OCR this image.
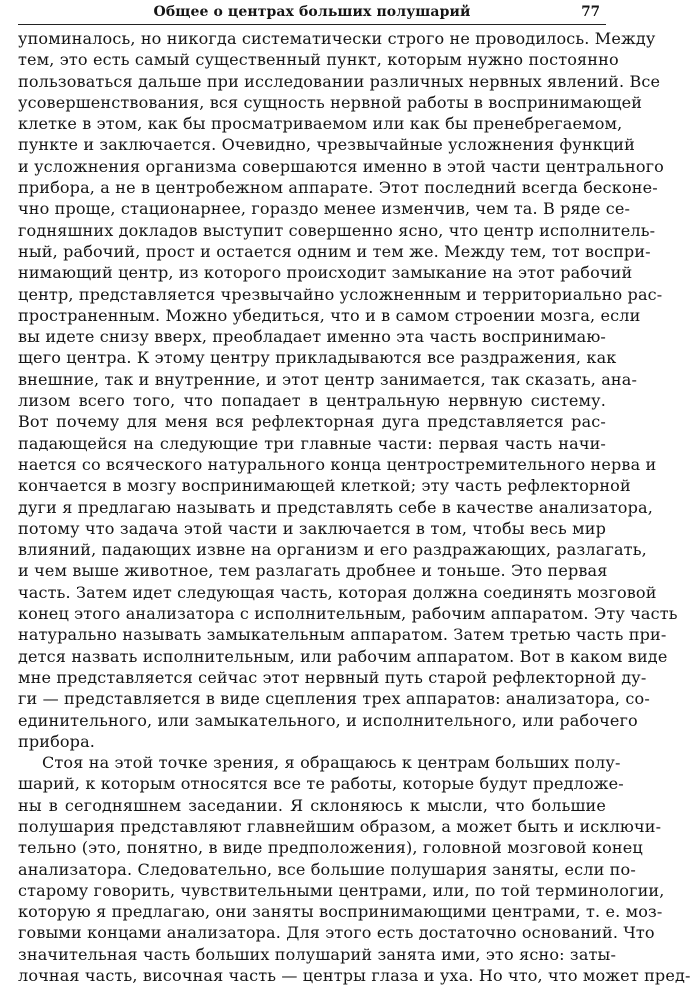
Общее о центрах больших полушарий	77

упоминалось, но никогда систематически строго не проводилось. Между
тем, это есть самый существенный пункт, которым нужно постоянно
пользоваться дальше при исследовании различных нервных явлений. Все
усовершенствования, вся сущность нервной работы в воспринимающей
клетке в этом, как бы просматриваемом или как бы пренебрегаемом,
пункте и заключается. Очевидно, чрезвычайные усложнения функций
и усложнения организма совершаются именно в этой части центрального
прибора, а не в центробежном аппарате. Этот последний всегда бесконе-
чно проще, стационарнее, гораздо менее изменчив, чем та. В ряде се-
годняшних докладов выступит совершенно ясно, что центр исполнитель-
ный, рабочий, прост и остается одним и тем же. Между тем, тот воспри-
нимающий центр, из которого происходит замыкание на этот рабочий
центр, представляется чрезвычайно усложненным и территориально рас-
пространенным. Можно убедиться, что и в самом строении мозга, если
вы идете снизу вверх, преобладает именно эта часть воспринимаю-
щего центра. К этому центру прикладываются все раздражения, как
внешние, так и внутренние, и этот центр занимается, так сказать, ана-
лизом всего того, что попадает в центральную нервную систему.
Вот почему для меня вся рефлекторная дуга представляется рас-
падающейся на следующие три главные части: первая часть начи-
нается со всяческого натурального конца центростремительного нерва и
кончается в мозгу воспринимающей клеткой; эту часть рефлекторной
дуги я предлагаю называть и представлять себе в качестве анализатора,
потому что задача этой части и заключается в том, чтобы весь мир
влияний, падающих извне на организм и его раздражающих, разлагать,
и чем выше животное, тем разлагать дробнее и тоньше. Это первая
часть. Затем идет следующая часть, которая должна соединять мозговой
конец этого анализатора с исполнительным, рабочим аппаратом. Эту часть
натурально называть замыкательным аппаратом. Затем третью часть при-
дется назвать исполнительным, или рабочим аппаратом. Вот в каком виде
мне представляется сейчас этот нервный путь старой рефлекторной ду-
ги — представляется в виде сцепления трех аппаратов: анализатора, со-
единительного, или замыкательного, и исполнительного, или рабочего
прибора.

Стоя на этой точке зрения, я обращаюсь к центрам больших полу-
шарий, к которым относятся все те работы, которые будут предложе-
ны в сегодняшнем заседании. Я склоняюсь к мысли, что большие
полушария представляют главнейшим образом, а может быть и исключи-
тельно (это, понятно, в виде предположения), головной мозговой конец
анализатора. Следовательно, все большие полушария заняты, если по-
старому говорить, чувствительными центрами, или, по той терминологии,
которую я предлагаю, они заняты воспринимающими центрами, т. е. моз-
говыми концами анализатора. Для этого есть достаточно оснований. Что
значительная часть больших полушарий занята ими, это ясно: заты-
лочная часть, височная часть — центры глаза и уха. Но что, что может пред-
